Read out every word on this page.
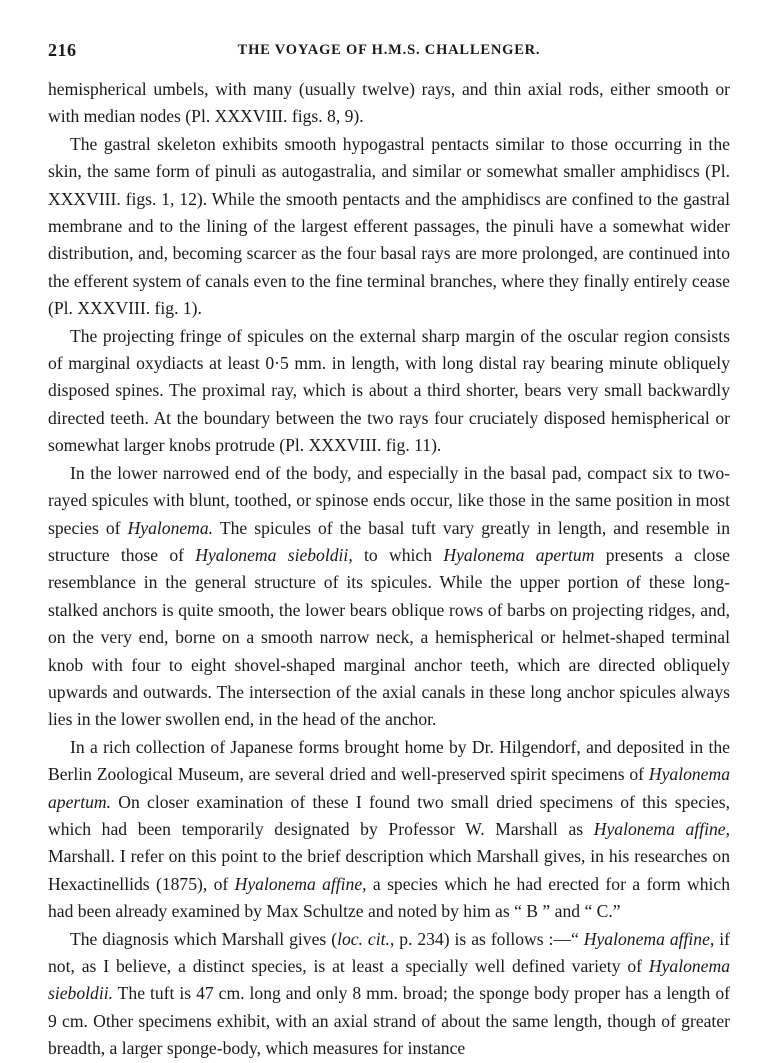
216	THE VOYAGE OF H.M.S. CHALLENGER.

hemispherical umbels, with many (usually twelve) rays, and thin axial rods, either smooth or with median nodes (Pl. XXXVIII. figs. 8, 9).

The gastral skeleton exhibits smooth hypogastral pentacts similar to those occurring in the skin, the same form of pinuli as autogastralia, and similar or somewhat smaller amphidiscs (Pl. XXXVIII. figs. 1, 12). While the smooth pentacts and the amphidiscs are confined to the gastral membrane and to the lining of the largest efferent passages, the pinuli have a somewhat wider distribution, and, becoming scarcer as the four basal rays are more prolonged, are continued into the efferent system of canals even to the fine terminal branches, where they finally entirely cease (Pl. XXXVIII. fig. 1).

The projecting fringe of spicules on the external sharp margin of the oscular region consists of marginal oxydiacts at least 0·5 mm. in length, with long distal ray bearing minute obliquely disposed spines. The proximal ray, which is about a third shorter, bears very small backwardly directed teeth. At the boundary between the two rays four cruciately disposed hemispherical or somewhat larger knobs protrude (Pl. XXXVIII. fig. 11).

In the lower narrowed end of the body, and especially in the basal pad, compact six to two-rayed spicules with blunt, toothed, or spinose ends occur, like those in the same position in most species of Hyalonema. The spicules of the basal tuft vary greatly in length, and resemble in structure those of Hyalonema sieboldii, to which Hyalonema apertum presents a close resemblance in the general structure of its spicules. While the upper portion of these long-stalked anchors is quite smooth, the lower bears oblique rows of barbs on projecting ridges, and, on the very end, borne on a smooth narrow neck, a hemispherical or helmet-shaped terminal knob with four to eight shovel-shaped marginal anchor teeth, which are directed obliquely upwards and outwards. The intersection of the axial canals in these long anchor spicules always lies in the lower swollen end, in the head of the anchor.

In a rich collection of Japanese forms brought home by Dr. Hilgendorf, and deposited in the Berlin Zoological Museum, are several dried and well-preserved spirit specimens of Hyalonema apertum. On closer examination of these I found two small dried specimens of this species, which had been temporarily designated by Professor W. Marshall as Hyalonema affine, Marshall. I refer on this point to the brief description which Marshall gives, in his researches on Hexactinellids (1875), of Hyalonema affine, a species which he had erected for a form which had been already examined by Max Schultze and noted by him as “ B ” and “ C.”

The diagnosis which Marshall gives (loc. cit., p. 234) is as follows :—“ Hyalonema affine, if not, as I believe, a distinct species, is at least a specially well defined variety of Hyalonema sieboldii. The tuft is 47 cm. long and only 8 mm. broad; the sponge body proper has a length of 9 cm. Other specimens exhibit, with an axial strand of about the same length, though of greater breadth, a larger sponge-body, which measures for instance
